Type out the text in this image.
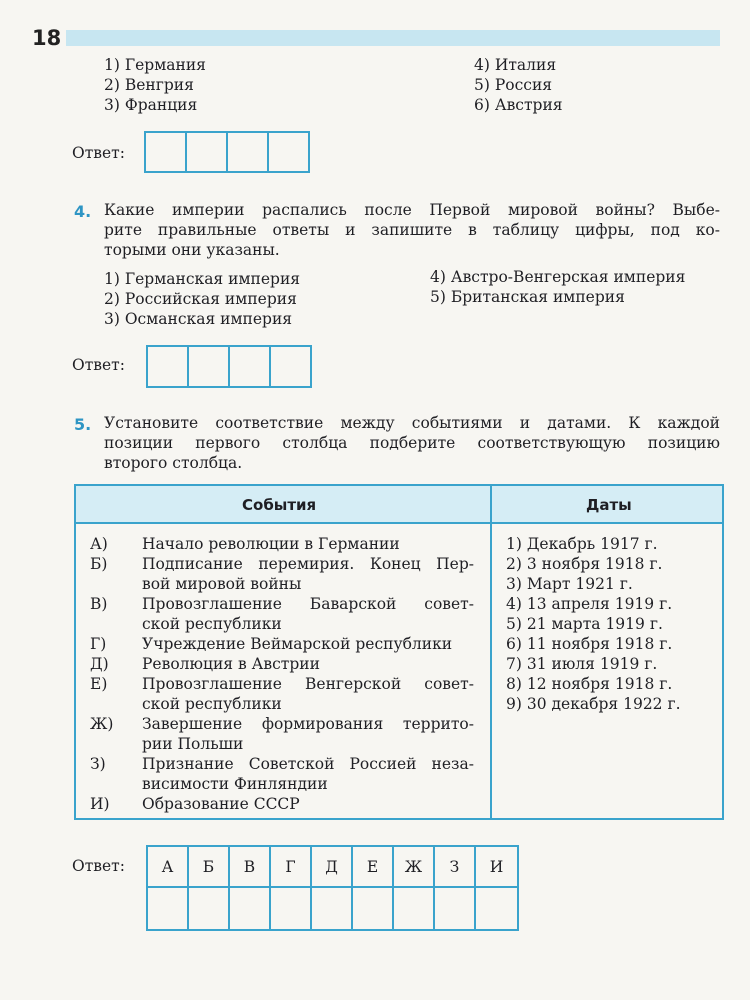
18
1) Германия
2) Венгрия
3) Франция
4) Италия
5) Россия
6) Австрия
Ответ:
4. Какие империи распались после Первой мировой войны? Выбе-
рите правильные ответы и запишите в таблицу цифры, под ко-
торыми они указаны.
1) Германская империя
2) Российская империя
3) Османская империя
4) Австро-Венгерская империя
5) Британская империя
Ответ:
5. Установите соответствие между событиями и датами. К каждой
позиции первого столбца подберите соответствующую позицию
второго столбца.
События	Даты
А) Начало революции в Германии
Б) Подписание перемирия. Конец Пер-
вой мировой войны
В) Провозглашение Баварской совет-
ской республики
Г) Учреждение Веймарской республики
Д) Революция в Австрии
Е) Провозглашение Венгерской совет-
ской республики
Ж) Завершение формирования террито-
рии Польши
З) Признание Советской Россией неза-
висимости Финляндии
И) Образование СССР
1) Декабрь 1917 г.
2) 3 ноября 1918 г.
3) Март 1921 г.
4) 13 апреля 1919 г.
5) 21 марта 1919 г.
6) 11 ноября 1918 г.
7) 31 июля 1919 г.
8) 12 ноября 1918 г.
9) 30 декабря 1922 г.
Ответ:	А	Б	В	Г	Д	Е	Ж	З	И
